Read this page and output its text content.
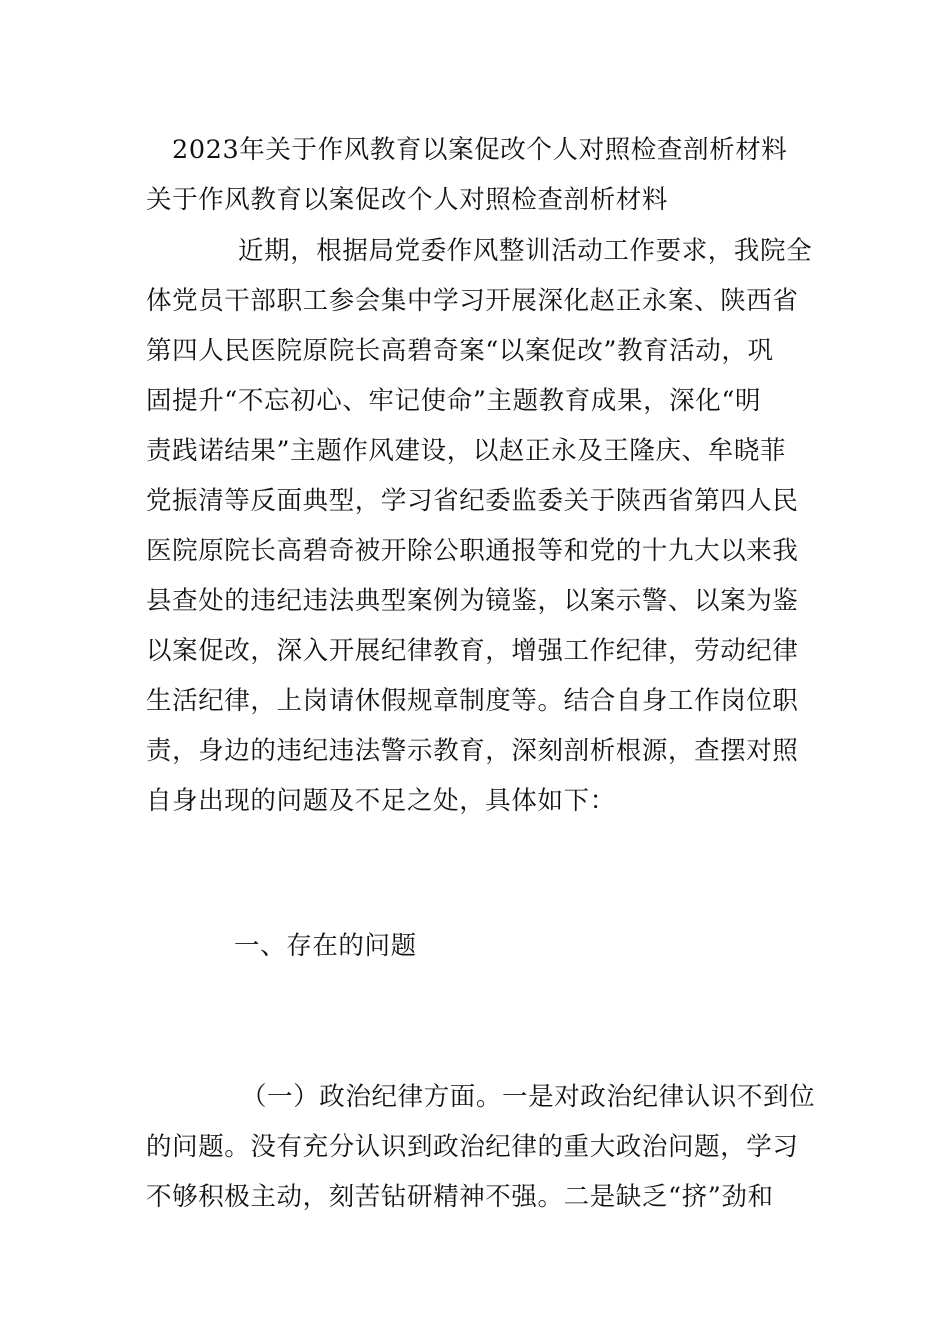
2023年关于作风教育以案促改个人对照检查剖析材料
关于作风教育以案促改个人对照检查剖析材料
近期，根据局党委作风整训活动工作要求，我院全
体党员干部职工参会集中学习开展深化赵正永案、陕西省
第四人民医院原院长高碧奇案“以案促改”教育活动，巩
固提升“不忘初心、牢记使命”主题教育成果，深化“明
责践诺结果”主题作风建设，以赵正永及王隆庆、牟晓菲
党振清等反面典型，学习省纪委监委关于陕西省第四人民
医院原院长高碧奇被开除公职通报等和党的十九大以来我
县查处的违纪违法典型案例为镜鉴，以案示警、以案为鉴
以案促改，深入开展纪律教育，增强工作纪律，劳动纪律
生活纪律，上岗请休假规章制度等。结合自身工作岗位职
责，身边的违纪违法警示教育，深刻剖析根源，查摆对照
自身出现的问题及不足之处，具体如下：
一、存在的问题
（一）政治纪律方面。一是对政治纪律认识不到位
的问题。没有充分认识到政治纪律的重大政治问题，学习
不够积极主动，刻苦钻研精神不强。二是缺乏“挤”劲和
